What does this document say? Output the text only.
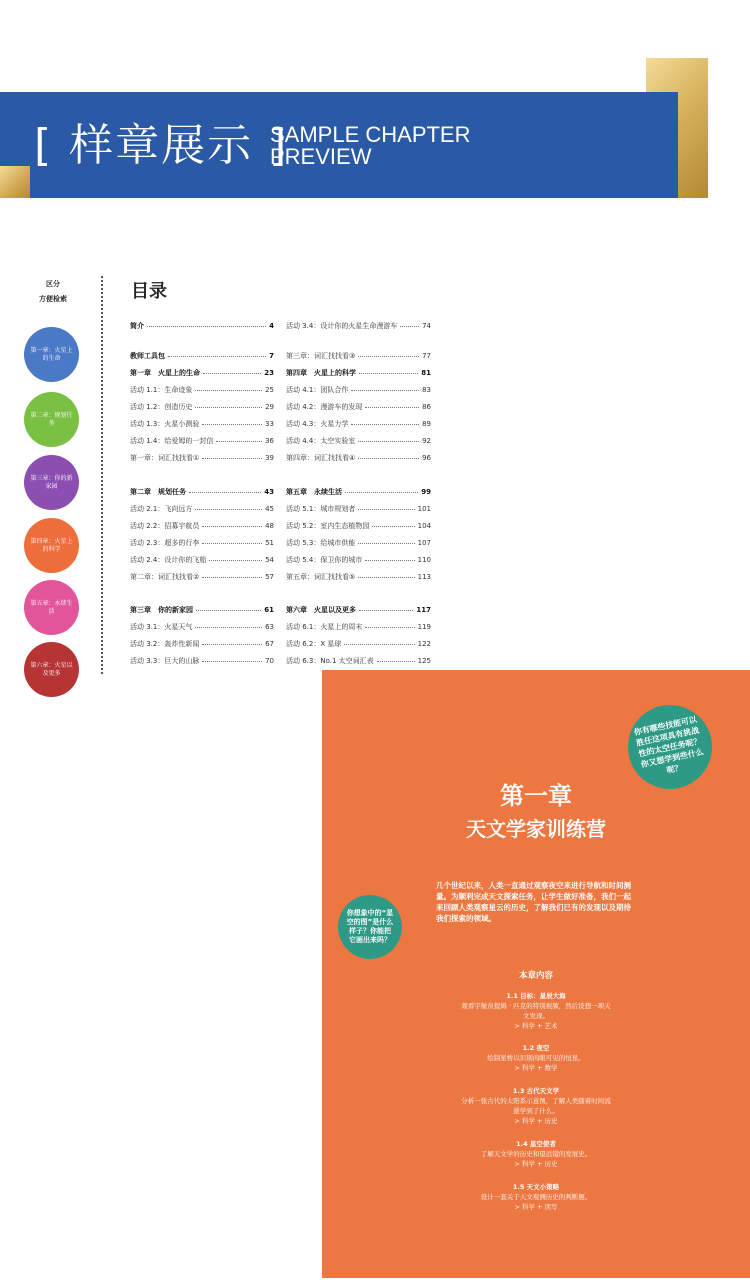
[ 样章展示 ]
SAMPLE CHAPTER
PREVIEW
区分
方便检索
第一章：火星上的生命
第二章：规划任务
第三章：你的新家园
第四章：火星上的科学
第五章：永续生活
第六章：火星以及更多
目录
简介	4
教师工具包	7
第一章　火星上的生命	23
活动 1.1：生命迹象	25
活动 1.2：创造历史	29
活动 1.3：火星小测验	33
活动 1.4：给爱姆的一封信	36
第一章：词汇找找看①	39
第二章　规划任务	43
活动 2.1：飞向远方	45
活动 2.2：招募宇航员	48
活动 2.3：超多的行李	51
活动 2.4：设计你的飞船	54
第二章：词汇找找看②	57
第三章　你的新家园	61
活动 3.1：火星天气	63
活动 3.2：轰炸性新闻	67
活动 3.3：巨大的山脉	70
活动 3.4：设计你的火星生命漫游车	74
第三章：词汇找找看③	77
第四章　火星上的科学	81
活动 4.1：团队合作	83
活动 4.2：漫游车的发现	86
活动 4.3：火星力学	89
活动 4.4：太空实验室	92
第四章：词汇找找看④	96
第五章　永续生活	99
活动 5.1：城市规划者	101
活动 5.2：室内生态植物园	104
活动 5.3：给城市供能	107
活动 5.4：保卫你的城市	110
第五章：词汇找找看⑤	113
第六章　火星以及更多	117
活动 6.1：火星上的周末	119
活动 6.2：X 星球	122
活动 6.3：No.1 太空词汇表	125
你有哪些技能可以胜任这项具有挑战性的太空任务呢？你又想学到些什么呢？
你想象中的“星空的图”是什么样子？你能把它画出来吗？
第一章
天文学家训练营
几个世纪以来，人类一直通过观察夜空来进行导航和时间测量。为顺利完成天文探索任务，让学生做好准备，我们一起来回顾人类观察星云的历史，了解我们已有的发现以及期待我们探索的领域。
本章内容
1.1 目标：星辰大海
观看宇航员提姆 · 匹克的特别视频，然后设想一项天文发现。
> 科学 + 艺术
1.2 夜空
绘制星桥以识别肉眼可见的恒星。
> 科学 + 数学
1.3 古代天文学
分析一张古代的太阳系示意图，了解人类随着时间流逝学到了什么。
> 科学 + 历史
1.4 星空使者
了解天文学的历史和望远镜的发展史。
> 科学 + 历史
1.5 天文小策略
设计一套关于天文观测历史的判断题。
> 科学 + 读写
